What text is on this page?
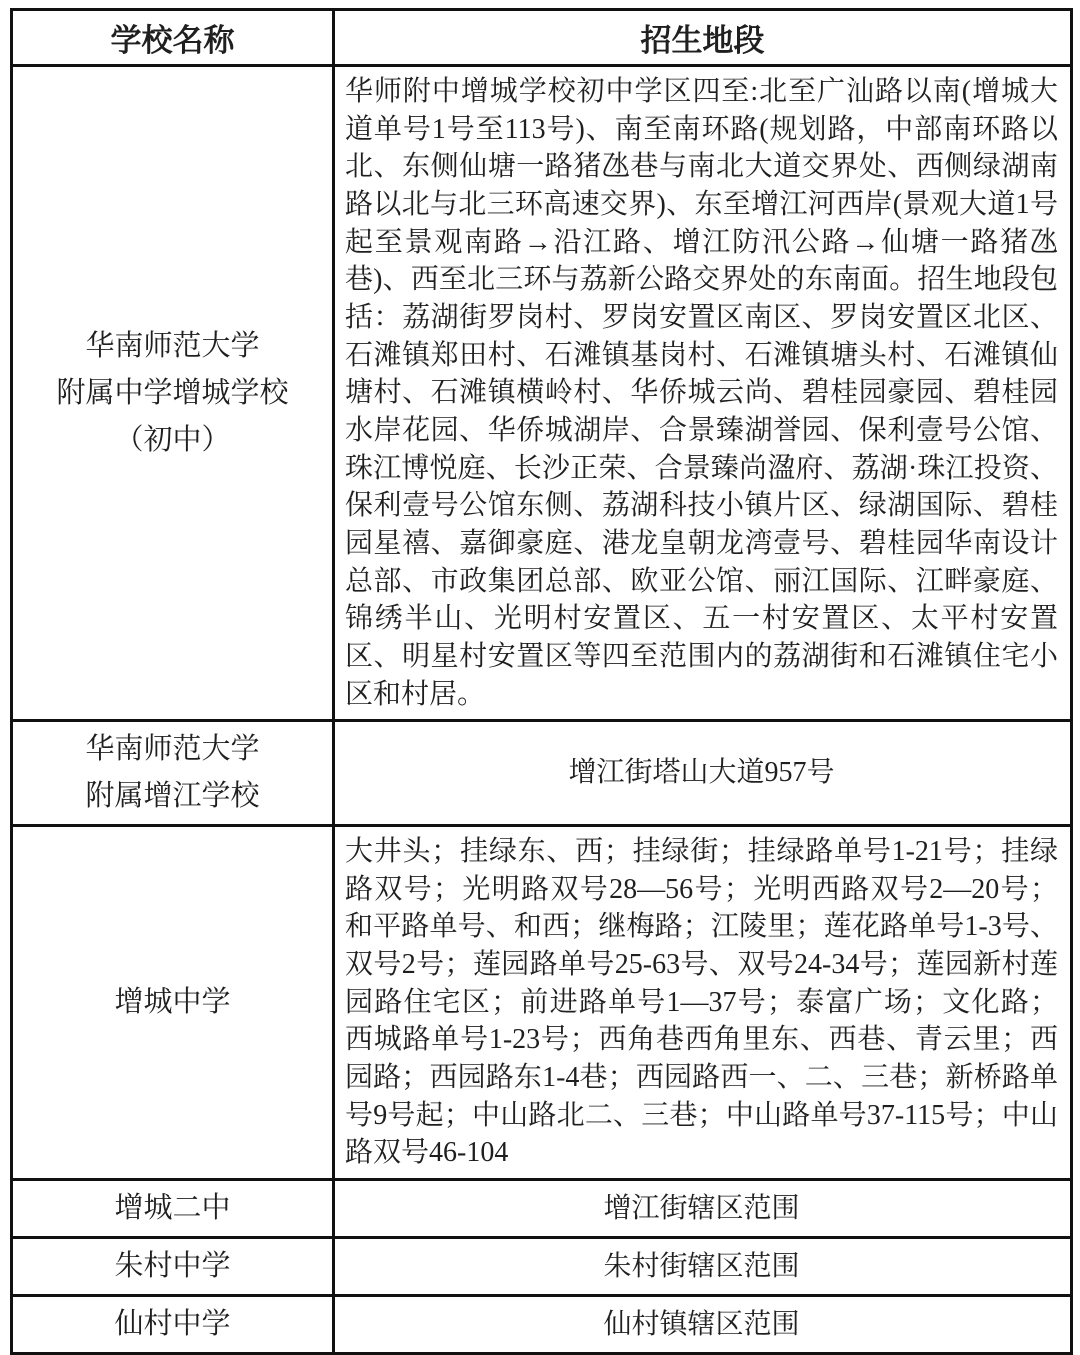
学校名称	招生地段

华南师范大学
附属中学增城学校
（初中）
	华师附中增城学校初中学区四至:北至广汕路以南(增城大道单号1号至113号)、南至南环路(规划路，中部南环路以北、东侧仙塘一路猪氹巷与南北大道交界处、西侧绿湖南路以北与北三环高速交界)、东至增江河西岸(景观大道1号起至景观南路→沿江路、增江防汛公路→仙塘一路猪氹巷)、西至北三环与荔新公路交界处的东南面。招生地段包括：荔湖街罗岗村、罗岗安置区南区、罗岗安置区北区、石滩镇郑田村、石滩镇基岗村、石滩镇塘头村、石滩镇仙塘村、石滩镇横岭村、华侨城云尚、碧桂园豪园、碧桂园水岸花园、华侨城湖岸、合景臻湖誉园、保利壹号公馆、珠江博悦庭、长沙正荣、合景臻尚溋府、荔湖·珠江投资、保利壹号公馆东侧、荔湖科技小镇片区、绿湖国际、碧桂园星禧、嘉御豪庭、港龙皇朝龙湾壹号、碧桂园华南设计总部、市政集团总部、欧亚公馆、丽江国际、江畔豪庭、锦绣半山、光明村安置区、五一村安置区、太平村安置区、明星村安置区等四至范围内的荔湖街和石滩镇住宅小区和村居。

华南师范大学
附属增江学校	增江街塔山大道957号

增城中学	大井头；挂绿东、西；挂绿街；挂绿路单号1-21号；挂绿路双号；光明路双号28—56号；光明西路双号2—20号；和平路单号、和西；继梅路；江陵里；莲花路单号1-3号、双号2号；莲园路单号25-63号、双号24-34号；莲园新村莲园路住宅区；前进路单号1—37号；泰富广场；文化路；西城路单号1-23号；西角巷西角里东、西巷、青云里；西园路；西园路东1-4巷；西园路西一、二、三巷；新桥路单号9号起；中山路北二、三巷；中山路单号37-115号；中山路双号46-104

增城二中	增江街辖区范围

朱村中学	朱村街辖区范围

仙村中学	仙村镇辖区范围
